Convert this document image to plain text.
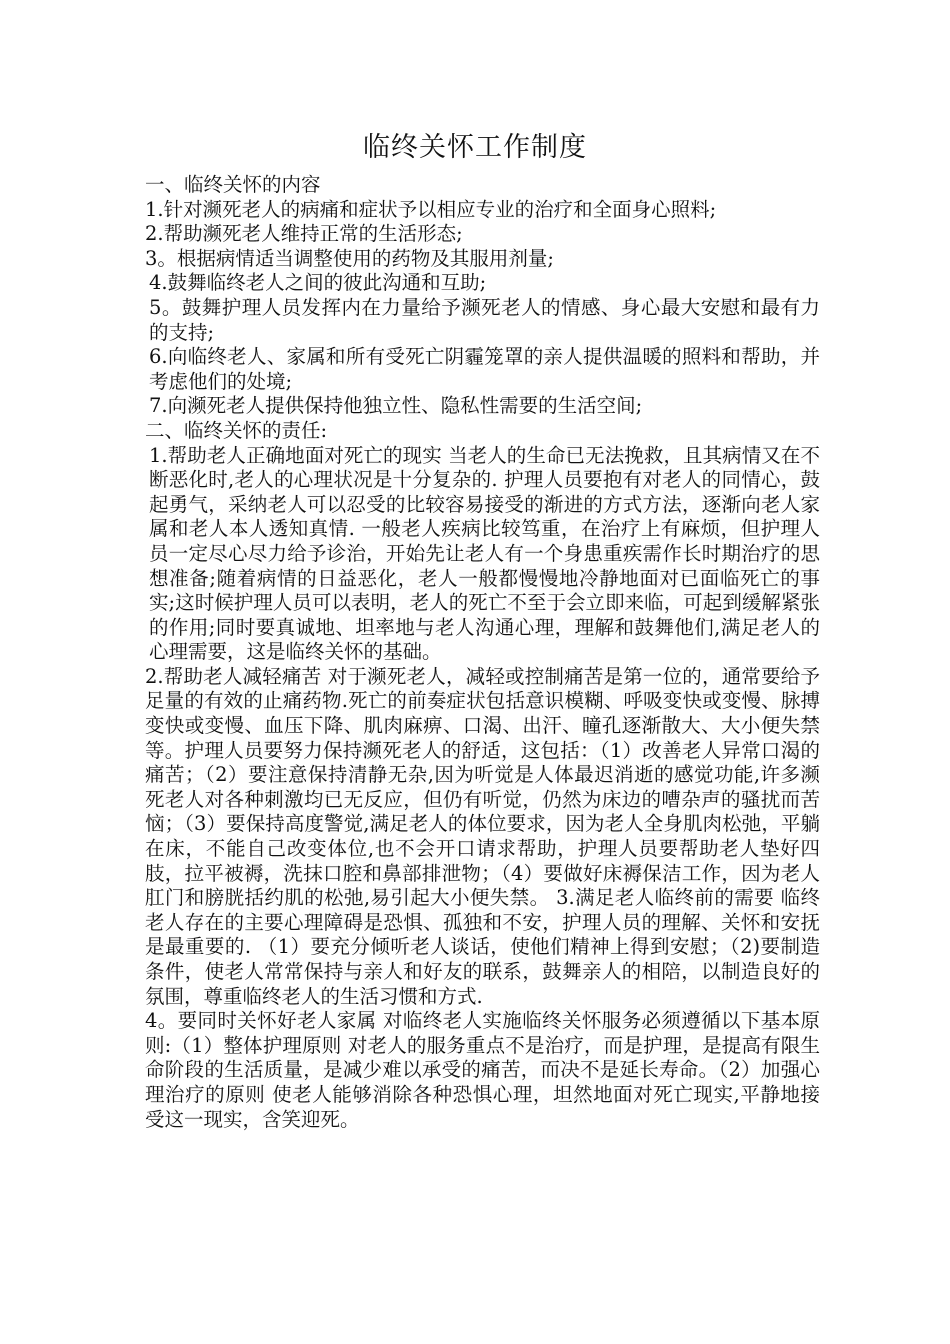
临终关怀工作制度

一、临终关怀的内容

1.针对濒死老人的病痛和症状予以相应专业的治疗和全面身心照料;

2.帮助濒死老人维持正常的生活形态;

3。根据病情适当调整使用的药物及其服用剂量;

4.鼓舞临终老人之间的彼此沟通和互助;

5。鼓舞护理人员发挥内在力量给予濒死老人的情感、身心最大安慰和最有力的支持;

6.向临终老人、家属和所有受死亡阴霾笼罩的亲人提供温暖的照料和帮助，并考虑他们的处境;

7.向濒死老人提供保持他独立性、隐私性需要的生活空间;

二、临终关怀的责任:

1.帮助老人正确地面对死亡的现实 当老人的生命已无法挽救，且其病情又在不断恶化时,老人的心理状况是十分复杂的. 护理人员要抱有对老人的同情心，鼓起勇气，采纳老人可以忍受的比较容易接受的渐进的方式方法，逐渐向老人家属和老人本人透知真情. 一般老人疾病比较笃重，在治疗上有麻烦，但护理人员一定尽心尽力给予诊治，开始先让老人有一个身患重疾需作长时期治疗的思想准备;随着病情的日益恶化，老人一般都慢慢地冷静地面对已面临死亡的事实;这时候护理人员可以表明，老人的死亡不至于会立即来临，可起到缓解紧张的作用;同时要真诚地、坦率地与老人沟通心理，理解和鼓舞他们,满足老人的心理需要，这是临终关怀的基础。

2.帮助老人减轻痛苦 对于濒死老人，减轻或控制痛苦是第一位的，通常要给予足量的有效的止痛药物.死亡的前奏症状包括意识模糊、呼吸变快或变慢、脉搏变快或变慢、血压下降、肌肉麻痹、口渴、出汗、瞳孔逐渐散大、大小便失禁等。护理人员要努力保持濒死老人的舒适，这包括：（1）改善老人异常口渴的痛苦；（2）要注意保持清静无杂,因为听觉是人体最迟消逝的感觉功能,许多濒死老人对各种刺激均已无反应，但仍有听觉，仍然为床边的嘈杂声的骚扰而苦恼；（3）要保持高度警觉,满足老人的体位要求，因为老人全身肌肉松弛，平躺在床，不能自己改变体位,也不会开口请求帮助，护理人员要帮助老人垫好四肢，拉平被褥，洗抹口腔和鼻部排泄物；（4）要做好床褥保洁工作，因为老人肛门和膀胱括约肌的松弛,易引起大小便失禁。 3.满足老人临终前的需要 临终老人存在的主要心理障碍是恐惧、孤独和不安，护理人员的理解、关怀和安抚是最重要的. （1）要充分倾听老人谈话，使他们精神上得到安慰；（2)要制造条件，使老人常常保持与亲人和好友的联系，鼓舞亲人的相陪，以制造良好的氛围，尊重临终老人的生活习惯和方式.

4。要同时关怀好老人家属 对临终老人实施临终关怀服务必须遵循以下基本原则:（1）整体护理原则 对老人的服务重点不是治疗，而是护理，是提高有限生命阶段的生活质量，是减少难以承受的痛苦，而决不是延长寿命。（2）加强心理治疗的原则 使老人能够消除各种恐惧心理，坦然地面对死亡现实,平静地接受这一现实，含笑迎死。
